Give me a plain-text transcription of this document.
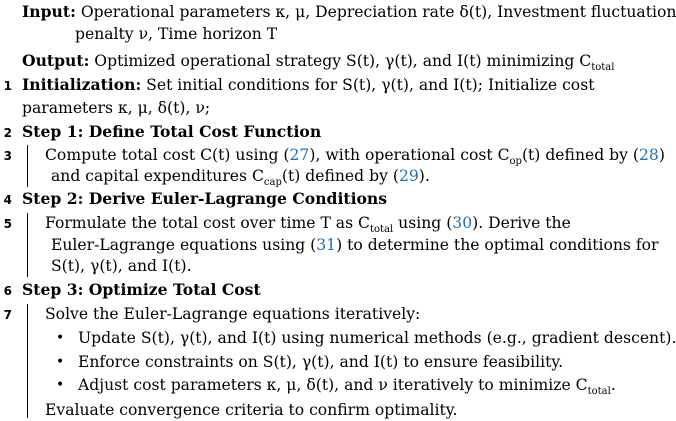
Input: Operational parameters κ, μ, Depreciation rate δ(t), Investment fluctuation
penalty ν, Time horizon T
Output: Optimized operational strategy S(t), γ(t), and I(t) minimizing $C_{total}$
1 Initialization: Set initial conditions for S(t), γ(t), and I(t); Initialize cost
parameters κ, μ, δ(t), ν;
2 Step 1: Define Total Cost Function
3 Compute total cost C(t) using (27), with operational cost $C_{op}(t)$ defined by (28)
and capital expenditures $C_{cap}(t)$ defined by (29).
4 Step 2: Derive Euler-Lagrange Conditions
5 Formulate the total cost over time T as $C_{total}$ using (30). Derive the
Euler-Lagrange equations using (31) to determine the optimal conditions for
S(t), γ(t), and I(t).
6 Step 3: Optimize Total Cost
7 Solve the Euler-Lagrange equations iteratively:
• Update S(t), γ(t), and I(t) using numerical methods (e.g., gradient descent).
• Enforce constraints on S(t), γ(t), and I(t) to ensure feasibility.
• Adjust cost parameters κ, μ, δ(t), and ν iteratively to minimize $C_{total}$.
Evaluate convergence criteria to confirm optimality.
